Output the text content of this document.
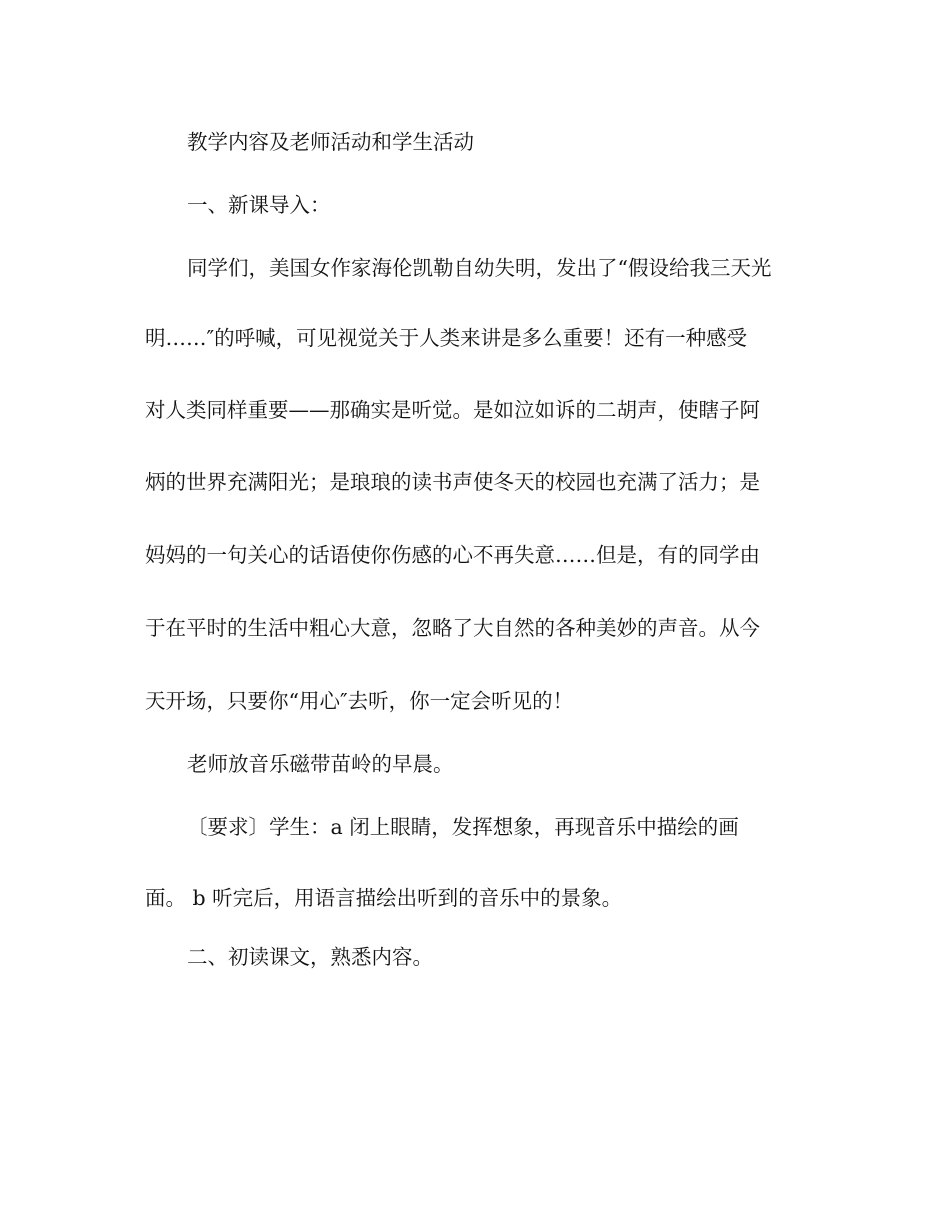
教学内容及老师活动和学生活动
一、新课导入：
同学们，美国女作家海伦凯勒自幼失明，发出了“假设给我三天光
明……″的呼喊，可见视觉关于人类来讲是多么重要！还有一种感受
对人类同样重要——那确实是听觉。是如泣如诉的二胡声，使瞎子阿
炳的世界充满阳光；是琅琅的读书声使冬天的校园也充满了活力；是
妈妈的一句关心的话语使你伤感的心不再失意……但是，有的同学由
于在平时的生活中粗心大意，忽略了大自然的各种美妙的声音。从今
天开场，只要你“用心″去听，你一定会听见的！
老师放音乐磁带苗岭的早晨。
〔要求〕学生：a 闭上眼睛，发挥想象，再现音乐中描绘的画
面。 b 听完后，用语言描绘出听到的音乐中的景象。
二、初读课文，熟悉内容。
